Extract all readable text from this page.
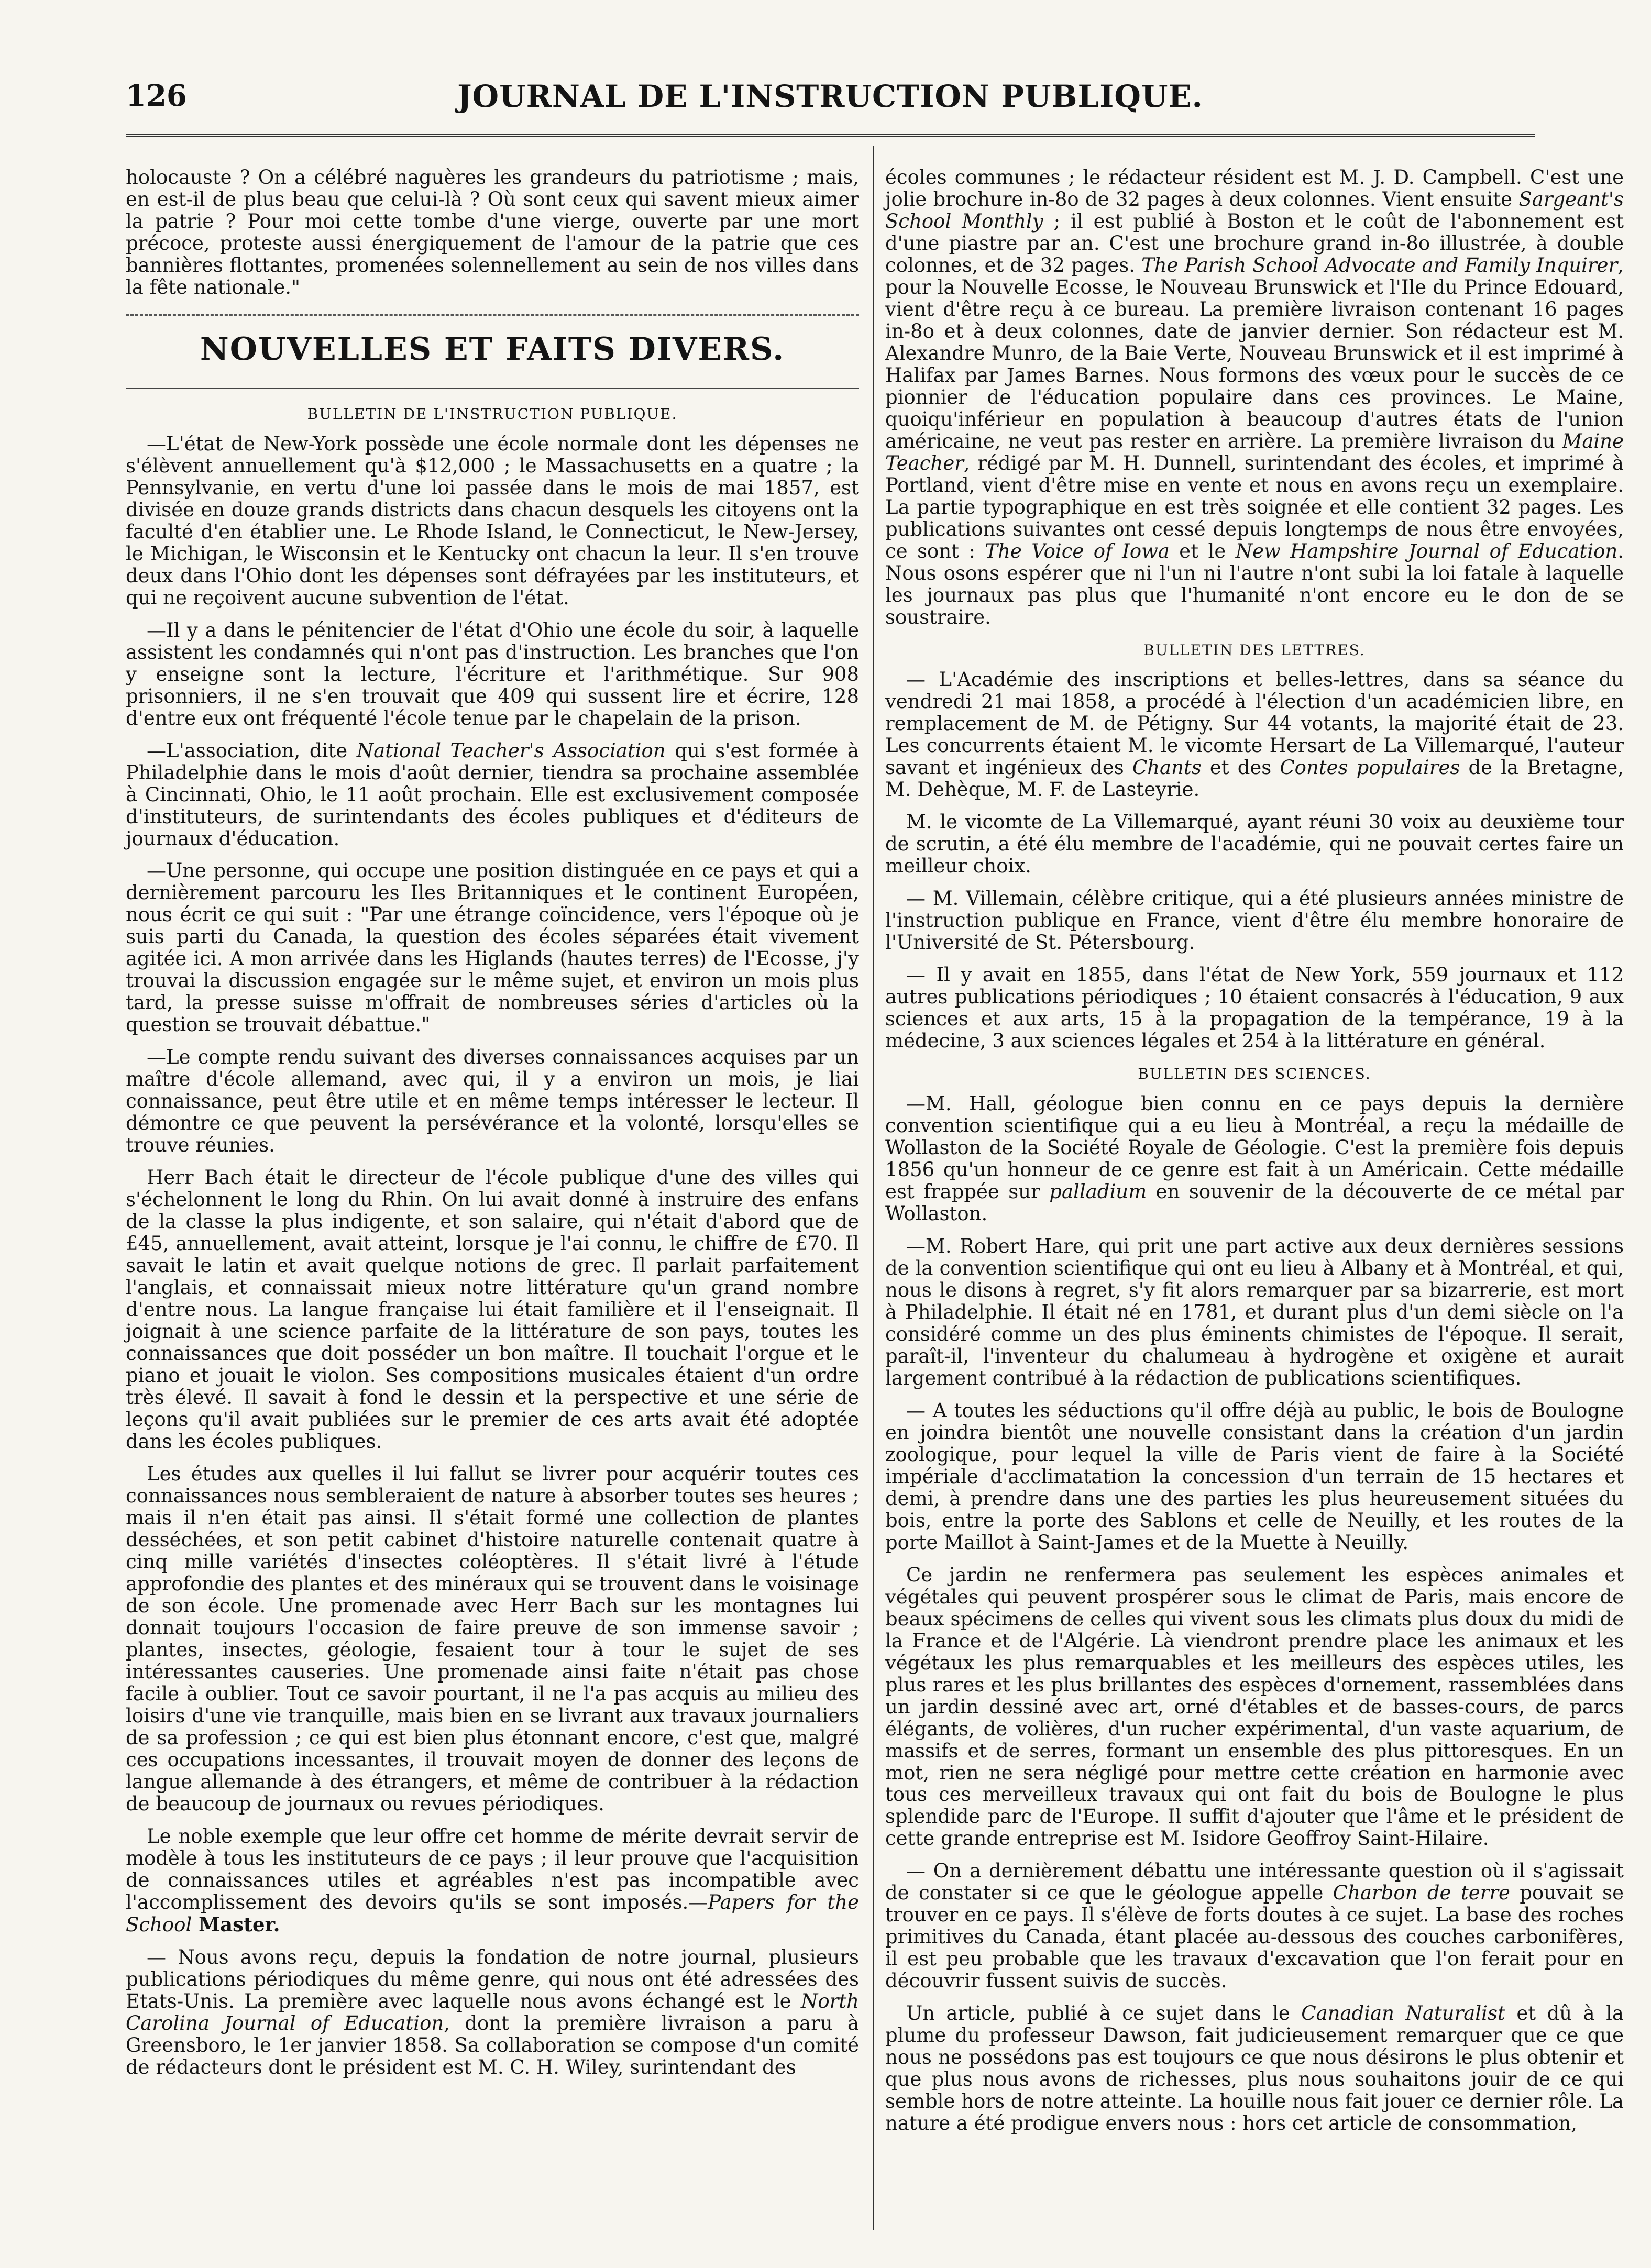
126	JOURNAL DE L'INSTRUCTION PUBLIQUE.

holocauste ? On a célébré naguères les grandeurs du patriotisme ; mais, en est-il de plus beau que celui-là ? Où sont ceux qui savent mieux aimer la patrie ? Pour moi cette tombe d'une vierge, ouverte par une mort précoce, proteste aussi énergiquement de l'amour de la patrie que ces bannières flottantes, promenées solennellement au sein de nos villes dans la fête nationale."

NOUVELLES ET FAITS DIVERS.
BULLETIN DE L'INSTRUCTION PUBLIQUE.

—L'état de New-York possède une école normale dont les dépenses ne s'élèvent annuellement qu'à $12,000 ; le Massachusetts en a quatre ; la Pennsylvanie, en vertu d'une loi passée dans le mois de mai 1857, est divisée en douze grands districts dans chacun desquels les citoyens ont la faculté d'en établier une. Le Rhode Island, le Connecticut, le New-Jersey, le Michigan, le Wisconsin et le Kentucky ont chacun la leur. Il s'en trouve deux dans l'Ohio dont les dépenses sont défrayées par les instituteurs, et qui ne reçoivent aucune subvention de l'état.

—Il y a dans le pénitencier de l'état d'Ohio une école du soir, à laquelle assistent les condamnés qui n'ont pas d'instruction. Les branches que l'on y enseigne sont la lecture, l'écriture et l'arithmétique. Sur 908 prisonniers, il ne s'en trouvait que 409 qui sussent lire et écrire, 128 d'entre eux ont fréquenté l'école tenue par le chapelain de la prison.

—L'association, dite National Teacher's Association qui s'est formée à Philadelphie dans le mois d'août dernier, tiendra sa prochaine assemblée à Cincinnati, Ohio, le 11 août prochain. Elle est exclusivement composée d'instituteurs, de surintendants des écoles publiques et d'éditeurs de journaux d'éducation.

—Une personne, qui occupe une position distinguée en ce pays et qui a dernièrement parcouru les Iles Britanniques et le continent Européen, nous écrit ce qui suit : "Par une étrange coïncidence, vers l'époque où je suis parti du Canada, la question des écoles séparées était vivement agitée ici. A mon arrivée dans les Higlands (hautes terres) de l'Ecosse, j'y trouvai la discussion engagée sur le même sujet, et environ un mois plus tard, la presse suisse m'offrait de nombreuses séries d'articles où la question se trouvait débattue."

—Le compte rendu suivant des diverses connaissances acquises par un maître d'école allemand, avec qui, il y a environ un mois, je liai connaissance, peut être utile et en même temps intéresser le lecteur. Il démontre ce que peuvent la persévérance et la volonté, lorsqu'elles se trouve réunies.

Herr Bach était le directeur de l'école publique d'une des villes qui s'échelonnent le long du Rhin. On lui avait donné à instruire des enfans de la classe la plus indigente, et son salaire, qui n'était d'abord que de £45, annuellement, avait atteint, lorsque je l'ai connu, le chiffre de £70. Il savait le latin et avait quelque notions de grec. Il parlait parfaitement l'anglais, et connaissait mieux notre littérature qu'un grand nombre d'entre nous. La langue française lui était familière et il l'enseignait. Il joignait à une science parfaite de la littérature de son pays, toutes les connaissances que doit posséder un bon maître. Il touchait l'orgue et le piano et jouait le violon. Ses compositions musicales étaient d'un ordre très élevé. Il savait à fond le dessin et la perspective et une série de leçons qu'il avait publiées sur le premier de ces arts avait été adoptée dans les écoles publiques.

Les études aux quelles il lui fallut se livrer pour acquérir toutes ces connaissances nous sembleraient de nature à absorber toutes ses heures ; mais il n'en était pas ainsi. Il s'était formé une collection de plantes desséchées, et son petit cabinet d'histoire naturelle contenait quatre à cinq mille variétés d'insectes coléoptères. Il s'était livré à l'étude approfondie des plantes et des minéraux qui se trouvent dans le voisinage de son école. Une promenade avec Herr Bach sur les montagnes lui donnait toujours l'occasion de faire preuve de son immense savoir ; plantes, insectes, géologie, fesaient tour à tour le sujet de ses intéressantes causeries. Une promenade ainsi faite n'était pas chose facile à oublier. Tout ce savoir pourtant, il ne l'a pas acquis au milieu des loisirs d'une vie tranquille, mais bien en se livrant aux travaux journaliers de sa profession ; ce qui est bien plus étonnant encore, c'est que, malgré ces occupations incessantes, il trouvait moyen de donner des leçons de langue allemande à des étrangers, et même de contribuer à la rédaction de beaucoup de journaux ou revues périodiques.

Le noble exemple que leur offre cet homme de mérite devrait servir de modèle à tous les instituteurs de ce pays ; il leur prouve que l'acquisition de connaissances utiles et agréables n'est pas incompatible avec l'accomplissement des devoirs qu'ils se sont imposés.—Papers for the School Master.

— Nous avons reçu, depuis la fondation de notre journal, plusieurs publications périodiques du même genre, qui nous ont été adressées des Etats-Unis. La première avec laquelle nous avons échangé est le North Carolina Journal of Education, dont la première livraison a paru à Greensboro, le 1er janvier 1858. Sa collaboration se compose d'un comité de rédacteurs dont le président est M. C. H. Wiley, surintendant des

écoles communes ; le rédacteur résident est M. J. D. Campbell. C'est une jolie brochure in-8o de 32 pages à deux colonnes. Vient ensuite Sargeant's School Monthly ; il est publié à Boston et le coût de l'abonnement est d'une piastre par an. C'est une brochure grand in-8o illustrée, à double colonnes, et de 32 pages. The Parish School Advocate and Family Inquirer, pour la Nouvelle Ecosse, le Nouveau Brunswick et l'Ile du Prince Edouard, vient d'être reçu à ce bureau. La première livraison contenant 16 pages in-8o et à deux colonnes, date de janvier dernier. Son rédacteur est M. Alexandre Munro, de la Baie Verte, Nouveau Brunswick et il est imprimé à Halifax par James Barnes. Nous formons des vœux pour le succès de ce pionnier de l'éducation populaire dans ces provinces. Le Maine, quoiqu'inférieur en population à beaucoup d'autres états de l'union américaine, ne veut pas rester en arrière. La première livraison du Maine Teacher, rédigé par M. H. Dunnell, surintendant des écoles, et imprimé à Portland, vient d'être mise en vente et nous en avons reçu un exemplaire. La partie typographique en est très soignée et elle contient 32 pages. Les publications suivantes ont cessé depuis longtemps de nous être envoyées, ce sont : The Voice of Iowa et le New Hampshire Journal of Education. Nous osons espérer que ni l'un ni l'autre n'ont subi la loi fatale à laquelle les journaux pas plus que l'humanité n'ont encore eu le don de se soustraire.

BULLETIN DES LETTRES.

— L'Académie des inscriptions et belles-lettres, dans sa séance du vendredi 21 mai 1858, a procédé à l'élection d'un académicien libre, en remplacement de M. de Pétigny. Sur 44 votants, la majorité était de 23. Les concurrents étaient M. le vicomte Hersart de La Villemarqué, l'auteur savant et ingénieux des Chants et des Contes populaires de la Bretagne, M. Dehèque, M. F. de Lasteyrie.

M. le vicomte de La Villemarqué, ayant réuni 30 voix au deuxième tour de scrutin, a été élu membre de l'académie, qui ne pouvait certes faire un meilleur choix.

— M. Villemain, célèbre critique, qui a été plusieurs années ministre de l'instruction publique en France, vient d'être élu membre honoraire de l'Université de St. Pétersbourg.

— Il y avait en 1855, dans l'état de New York, 559 journaux et 112 autres publications périodiques ; 10 étaient consacrés à l'éducation, 9 aux sciences et aux arts, 15 à la propagation de la tempérance, 19 à la médecine, 3 aux sciences légales et 254 à la littérature en général.

BULLETIN DES SCIENCES.

—M. Hall, géologue bien connu en ce pays depuis la dernière convention scientifique qui a eu lieu à Montréal, a reçu la médaille de Wollaston de la Société Royale de Géologie. C'est la première fois depuis 1856 qu'un honneur de ce genre est fait à un Américain. Cette médaille est frappée sur palladium en souvenir de la découverte de ce métal par Wollaston.

—M. Robert Hare, qui prit une part active aux deux dernières sessions de la convention scientifique qui ont eu lieu à Albany et à Montréal, et qui, nous le disons à regret, s'y fit alors remarquer par sa bizarrerie, est mort à Philadelphie. Il était né en 1781, et durant plus d'un demi siècle on l'a considéré comme un des plus éminents chimistes de l'époque. Il serait, paraît-il, l'inventeur du chalumeau à hydrogène et oxigène et aurait largement contribué à la rédaction de publications scientifiques.

— A toutes les séductions qu'il offre déjà au public, le bois de Boulogne en joindra bientôt une nouvelle consistant dans la création d'un jardin zoologique, pour lequel la ville de Paris vient de faire à la Société impériale d'acclimatation la concession d'un terrain de 15 hectares et demi, à prendre dans une des parties les plus heureusement situées du bois, entre la porte des Sablons et celle de Neuilly, et les routes de la porte Maillot à Saint-James et de la Muette à Neuilly.

Ce jardin ne renfermera pas seulement les espèces animales et végétales qui peuvent prospérer sous le climat de Paris, mais encore de beaux spécimens de celles qui vivent sous les climats plus doux du midi de la France et de l'Algérie. Là viendront prendre place les animaux et les végétaux les plus remarquables et les meilleurs des espèces utiles, les plus rares et les plus brillantes des espèces d'ornement, rassemblées dans un jardin dessiné avec art, orné d'étables et de basses-cours, de parcs élégants, de volières, d'un rucher expérimental, d'un vaste aquarium, de massifs et de serres, formant un ensemble des plus pittoresques. En un mot, rien ne sera négligé pour mettre cette création en harmonie avec tous ces merveilleux travaux qui ont fait du bois de Boulogne le plus splendide parc de l'Europe. Il suffit d'ajouter que l'âme et le président de cette grande entreprise est M. Isidore Geoffroy Saint-Hilaire.

— On a dernièrement débattu une intéressante question où il s'agissait de constater si ce que le géologue appelle Charbon de terre pouvait se trouver en ce pays. Il s'élève de forts doutes à ce sujet. La base des roches primitives du Canada, étant placée au-dessous des couches carbonifères, il est peu probable que les travaux d'excavation que l'on ferait pour en découvrir fussent suivis de succès.

Un article, publié à ce sujet dans le Canadian Naturalist et dû à la plume du professeur Dawson, fait judicieusement remarquer que ce que nous ne possédons pas est toujours ce que nous désirons le plus obtenir et que plus nous avons de richesses, plus nous souhaitons jouir de ce qui semble hors de notre atteinte. La houille nous fait jouer ce dernier rôle. La nature a été prodigue envers nous : hors cet article de consommation,
